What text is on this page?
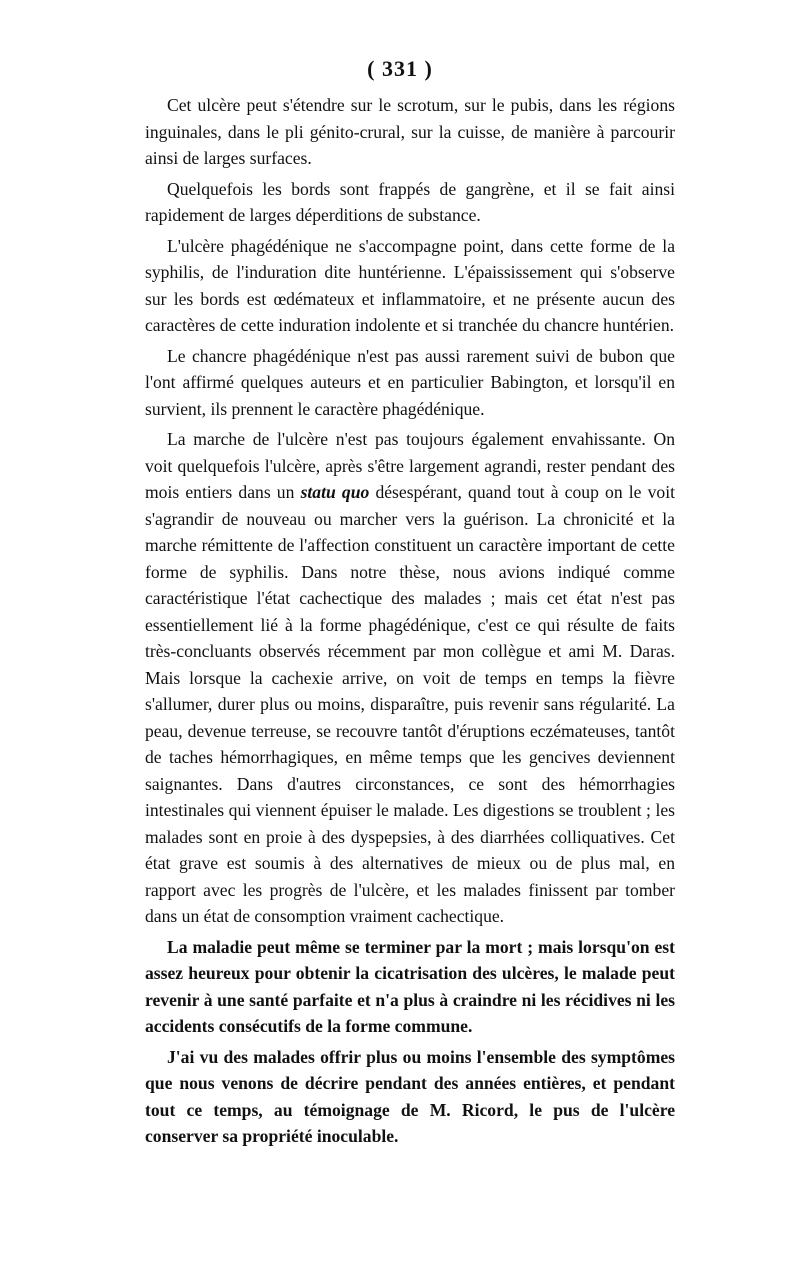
( 331 )

Cet ulcère peut s'étendre sur le scrotum, sur le pubis, dans les régions inguinales, dans le pli génito-crural, sur la cuisse, de manière à parcourir ainsi de larges surfaces.

Quelquefois les bords sont frappés de gangrène, et il se fait ainsi rapidement de larges déperditions de substance.

L'ulcère phagédénique ne s'accompagne point, dans cette forme de la syphilis, de l'induration dite huntérienne. L'épaississement qui s'observe sur les bords est œdémateux et inflammatoire, et ne présente aucun des caractères de cette induration indolente et si tranchée du chancre huntérien.

Le chancre phagédénique n'est pas aussi rarement suivi de bubon que l'ont affirmé quelques auteurs et en particulier Babington, et lorsqu'il en survient, ils prennent le caractère phagédénique.

La marche de l'ulcère n'est pas toujours également envahissante. On voit quelquefois l'ulcère, après s'être largement agrandi, rester pendant des mois entiers dans un statu quo désespérant, quand tout à coup on le voit s'agrandir de nouveau ou marcher vers la guérison. La chronicité et la marche rémittente de l'affection constituent un caractère important de cette forme de syphilis. Dans notre thèse, nous avions indiqué comme caractéristique l'état cachectique des malades ; mais cet état n'est pas essentiellement lié à la forme phagédénique, c'est ce qui résulte de faits très-concluants observés récemment par mon collègue et ami M. Daras. Mais lorsque la cachexie arrive, on voit de temps en temps la fièvre s'allumer, durer plus ou moins, disparaître, puis revenir sans régularité. La peau, devenue terreuse, se recouvre tantôt d'éruptions eczémateuses, tantôt de taches hémorrhagiques, en même temps que les gencives deviennent saignantes. Dans d'autres circonstances, ce sont des hémorrhagies intestinales qui viennent épuiser le malade. Les digestions se troublent ; les malades sont en proie à des dyspepsies, à des diarrhées colliquatives. Cet état grave est soumis à des alternatives de mieux ou de plus mal, en rapport avec les progrès de l'ulcère, et les malades finissent par tomber dans un état de consomption vraiment cachectique.

La maladie peut même se terminer par la mort ; mais lorsqu'on est assez heureux pour obtenir la cicatrisation des ulcères, le malade peut revenir à une santé parfaite et n'a plus à craindre ni les récidives ni les accidents consécutifs de la forme commune.

J'ai vu des malades offrir plus ou moins l'ensemble des symptômes que nous venons de décrire pendant des années entières, et pendant tout ce temps, au témoignage de M. Ricord, le pus de l'ulcère conserver sa propriété inoculable.
